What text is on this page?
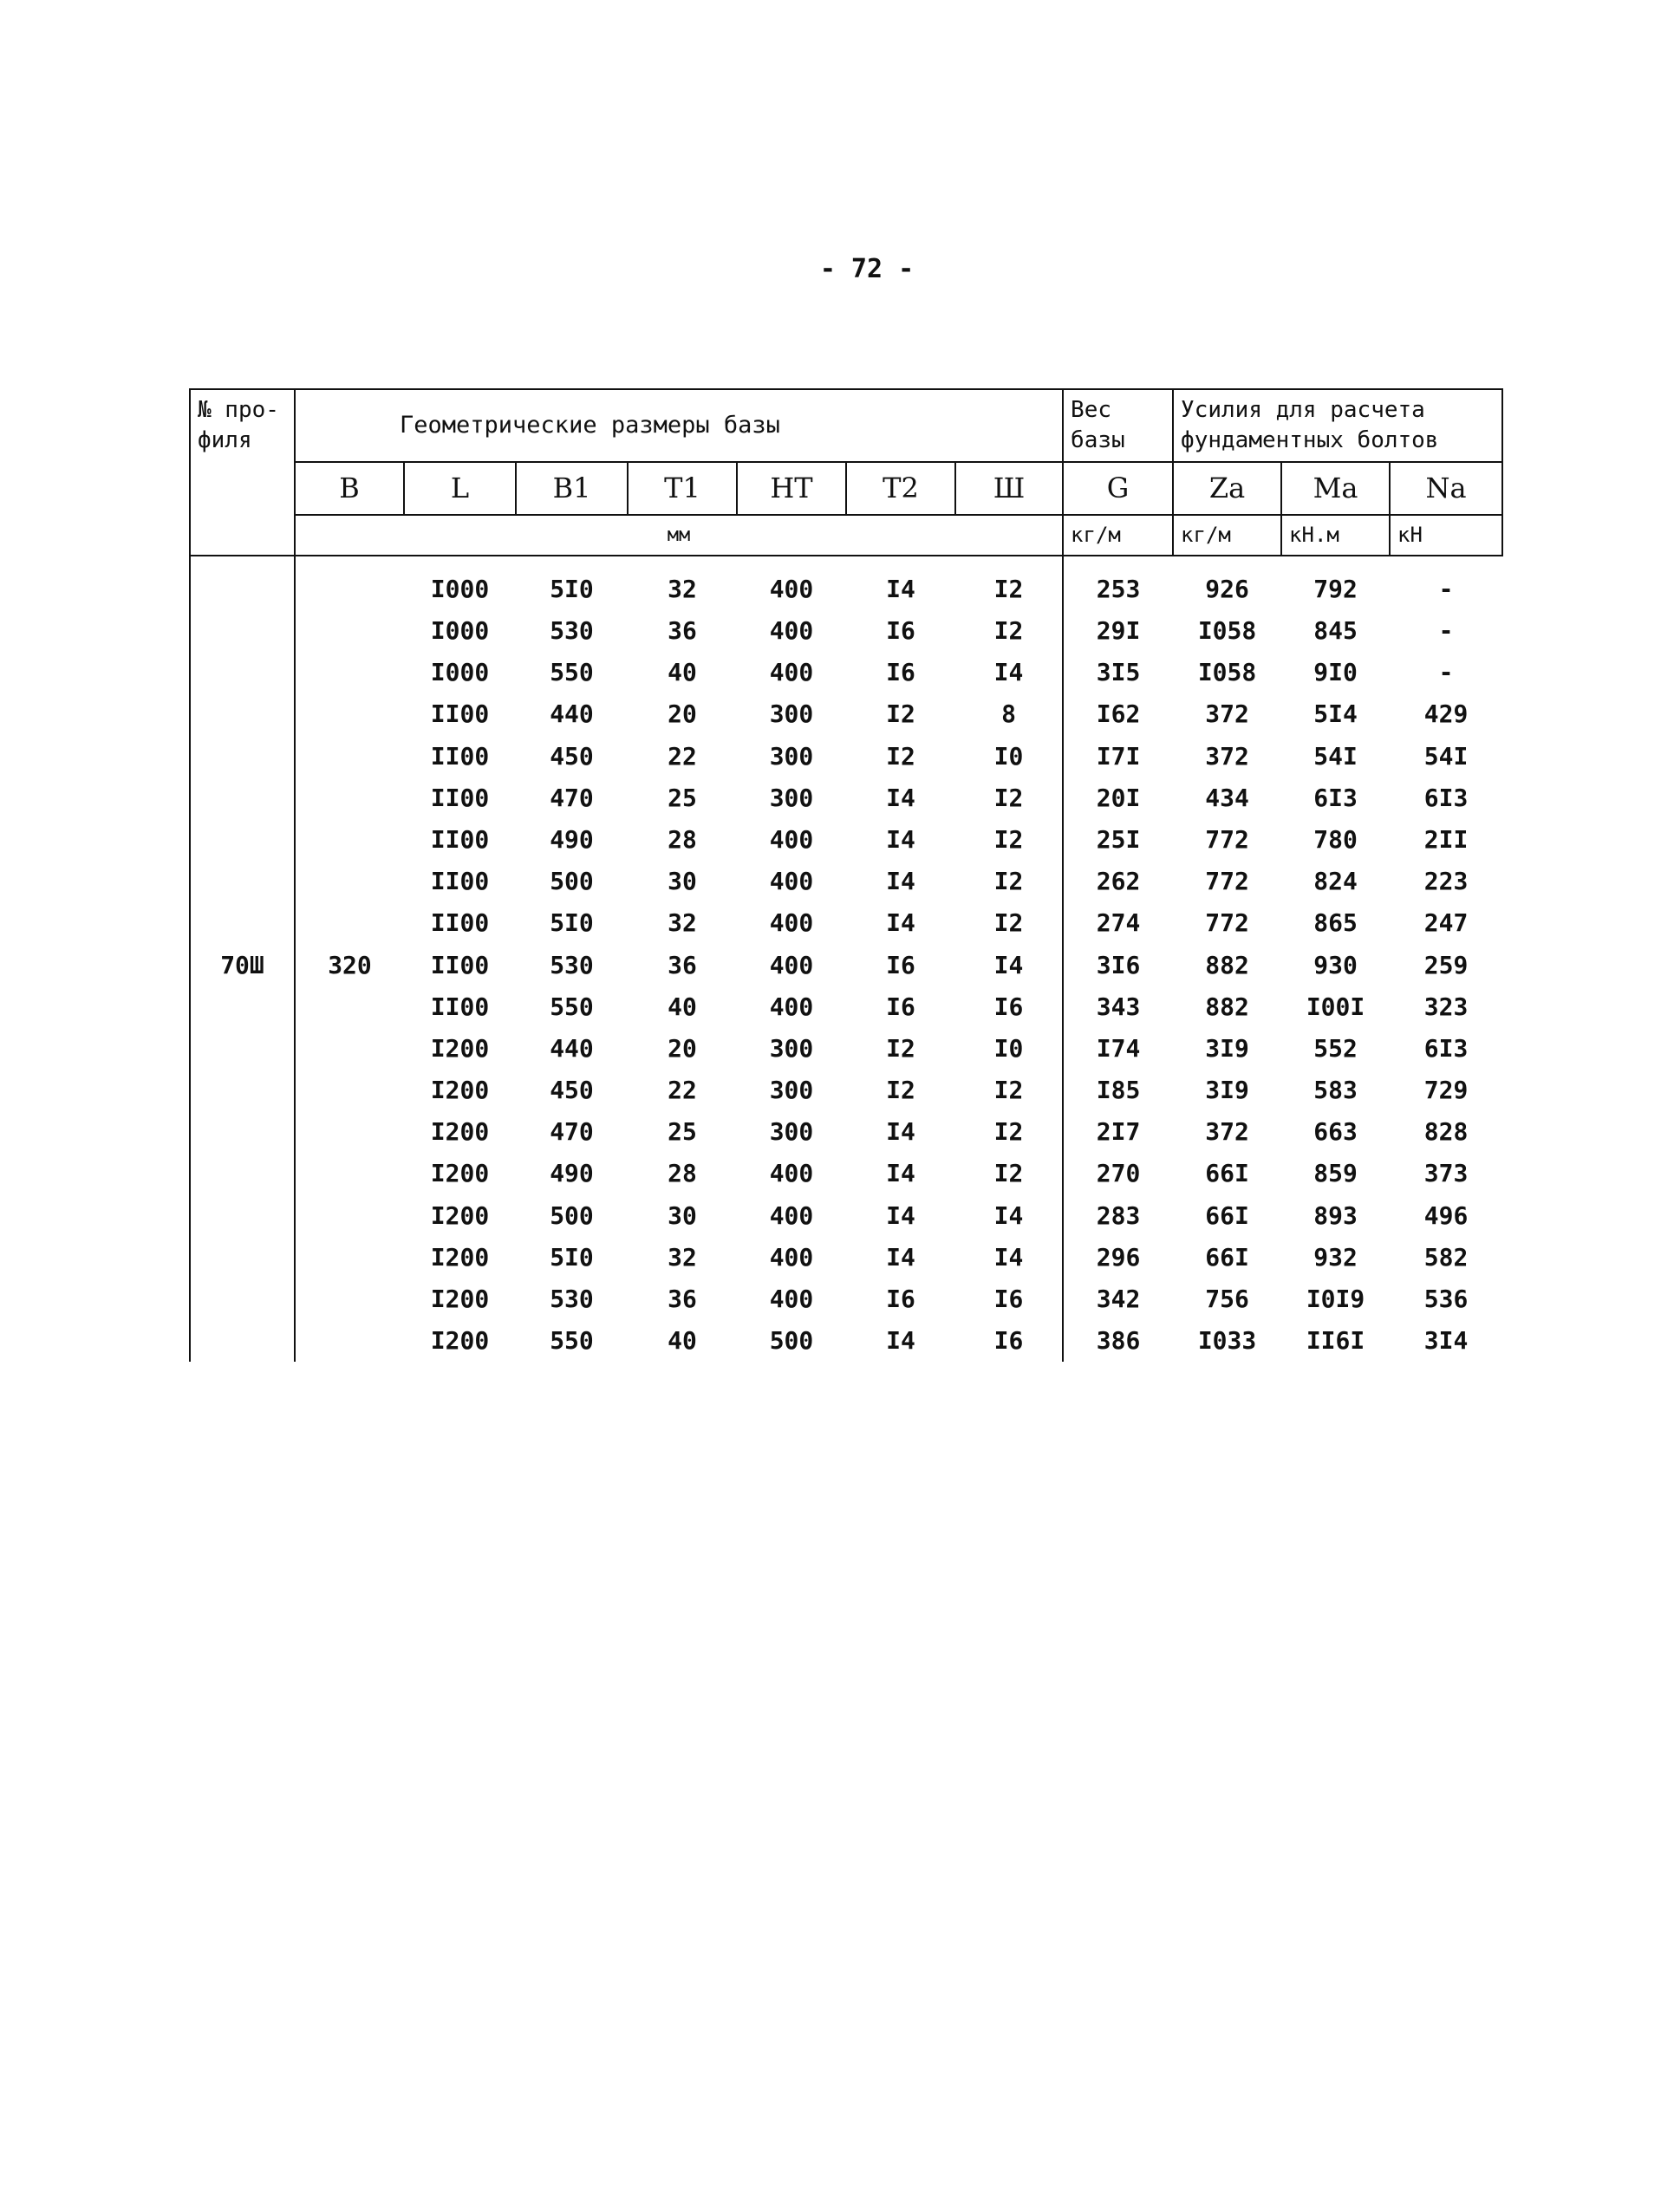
- 72 -
№ про- филя	Геометрические размеры базы							Вес базы	Усилия для расчета фундаментных болтов		
	B	L	B1	T1	HT	T2	Ш	G	Za	Ma	Na
	мм							кг/м	кг/м	кН.м	кН
70Ш	320	I000	5I0	32	400	I4	I2	253	926	792	-
		I000	530	36	400	I6	I2	29I	I058	845	-
		I000	550	40	400	I6	I4	3I5	I058	9I0	-
		II00	440	20	300	I2	8	I62	372	5I4	429
		II00	450	22	300	I2	I0	I7I	372	54I	54I
		II00	470	25	300	I4	I2	20I	434	6I3	6I3
		II00	490	28	400	I4	I2	25I	772	780	2II
		II00	500	30	400	I4	I2	262	772	824	223
		II00	5I0	32	400	I4	I2	274	772	865	247
		II00	530	36	400	I6	I4	3I6	882	930	259
		II00	550	40	400	I6	I6	343	882	I00I	323
		I200	440	20	300	I2	I0	I74	3I9	552	6I3
		I200	450	22	300	I2	I2	I85	3I9	583	729
		I200	470	25	300	I4	I2	2I7	372	663	828
		I200	490	28	400	I4	I2	270	66I	859	373
		I200	500	30	400	I4	I4	283	66I	893	496
		I200	5I0	32	400	I4	I4	296	66I	932	582
		I200	530	36	400	I6	I6	342	756	I0I9	536
		I200	550	40	500	I4	I6	386	I033	II6I	3I4
